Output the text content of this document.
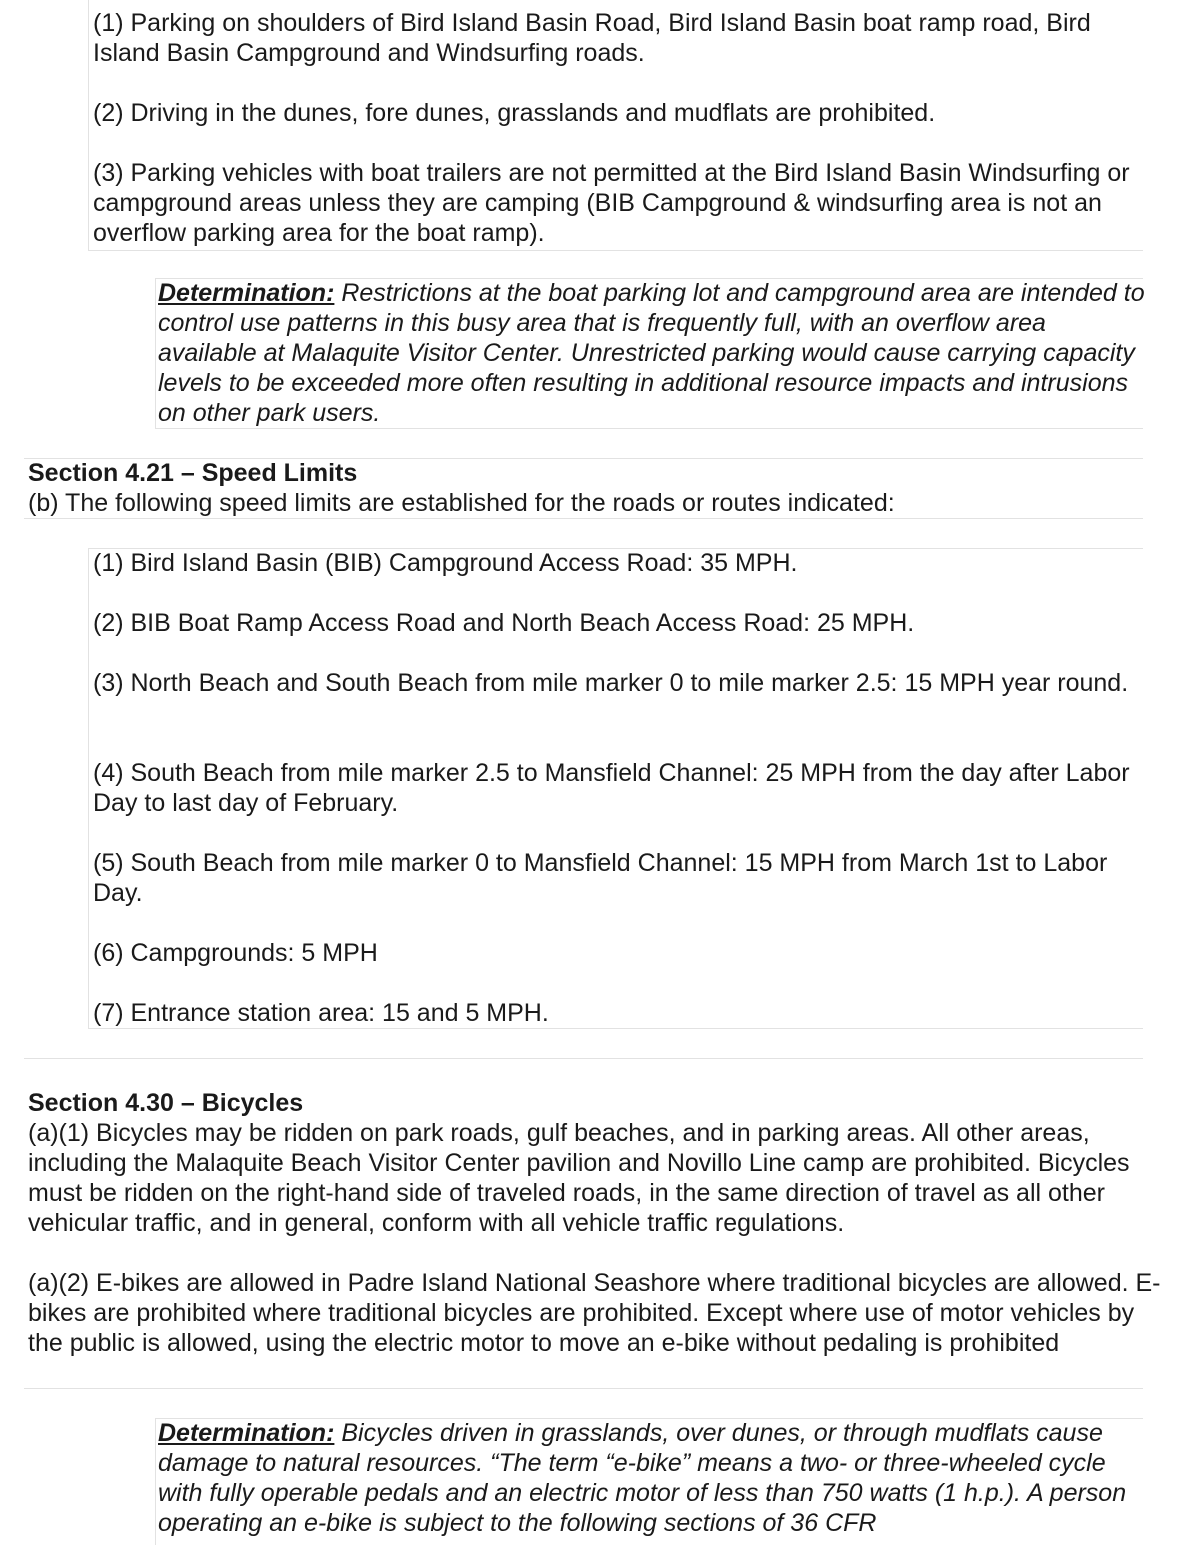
(1) Parking on shoulders of Bird Island Basin Road, Bird Island Basin boat ramp road, Bird Island Basin Campground and Windsurfing roads.

(2) Driving in the dunes, fore dunes, grasslands and mudflats are prohibited.

(3) Parking vehicles with boat trailers are not permitted at the Bird Island Basin Windsurfing or campground areas unless they are camping (BIB Campground & windsurfing area is not an overflow parking area for the boat ramp).

Determination: Restrictions at the boat parking lot and campground area are intended to control use patterns in this busy area that is frequently full, with an overflow area available at Malaquite Visitor Center. Unrestricted parking would cause carrying capacity levels to be exceeded more often resulting in additional resource impacts and intrusions on other park users.

Section 4.21 – Speed Limits

(b) The following speed limits are established for the roads or routes indicated:

(1) Bird Island Basin (BIB) Campground Access Road: 35 MPH.

(2) BIB Boat Ramp Access Road and North Beach Access Road: 25 MPH.

(3) North Beach and South Beach from mile marker 0 to mile marker 2.5: 15 MPH year round.

(4) South Beach from mile marker 2.5 to Mansfield Channel: 25 MPH from the day after Labor Day to last day of February.

(5) South Beach from mile marker 0 to Mansfield Channel: 15 MPH from March 1st to Labor Day.

(6) Campgrounds: 5 MPH

(7) Entrance station area: 15 and 5 MPH.

Section 4.30 – Bicycles

(a)(1) Bicycles may be ridden on park roads, gulf beaches, and in parking areas. All other areas, including the Malaquite Beach Visitor Center pavilion and Novillo Line camp are prohibited. Bicycles must be ridden on the right-hand side of traveled roads, in the same direction of travel as all other vehicular traffic, and in general, conform with all vehicle traffic regulations.

(a)(2) E-bikes are allowed in Padre Island National Seashore where traditional bicycles are allowed. E-bikes are prohibited where traditional bicycles are prohibited. Except where use of motor vehicles by the public is allowed, using the electric motor to move an e-bike without pedaling is prohibited

Determination: Bicycles driven in grasslands, over dunes, or through mudflats cause damage to natural resources. “The term “e-bike” means a two- or three-wheeled cycle with fully operable pedals and an electric motor of less than 750 watts (1 h.p.). A person operating an e-bike is subject to the following sections of 36 CFR
